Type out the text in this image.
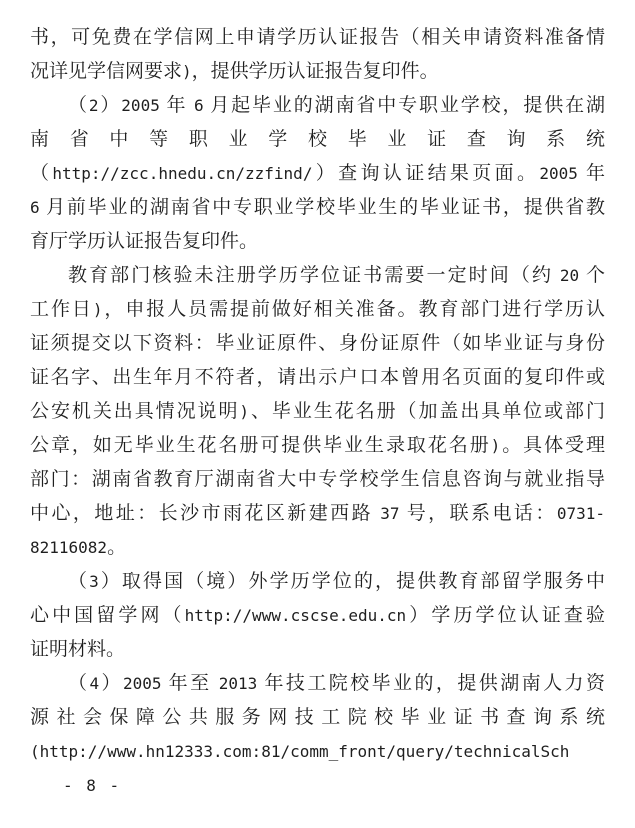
书，可免费在学信网上申请学历认证报告（相关申请资料准备情
况详见学信网要求)，提供学历认证报告复印件。
（2）2005 年 6 月起毕业的湖南省中专职业学校，提供在湖
南省中等职业学校毕业证查询系统
（http://zcc.hnedu.cn/zzfind/）查询认证结果页面。2005 年
6 月前毕业的湖南省中专职业学校毕业生的毕业证书，提供省教
育厅学历认证报告复印件。
教育部门核验未注册学历学位证书需要一定时间（约 20 个
工作日)，申报人员需提前做好相关准备。教育部门进行学历认
证须提交以下资料：毕业证原件、身份证原件（如毕业证与身份
证名字、出生年月不符者，请出示户口本曾用名页面的复印件或
公安机关出具情况说明)、毕业生花名册（加盖出具单位或部门
公章，如无毕业生花名册可提供毕业生录取花名册)。具体受理
部门：湖南省教育厅湖南省大中专学校学生信息咨询与就业指导
中心，地址：长沙市雨花区新建西路 37 号，联系电话：0731-
82116082。
（3）取得国（境）外学历学位的，提供教育部留学服务中
心中国留学网（http://www.cscse.edu.cn）学历学位认证查验
证明材料。
（4）2005 年至 2013 年技工院校毕业的，提供湖南人力资
源社会保障公共服务网技工院校毕业证书查询系统
(http://www.hn12333.com:81/comm_front/query/technicalSch
- 8 -
